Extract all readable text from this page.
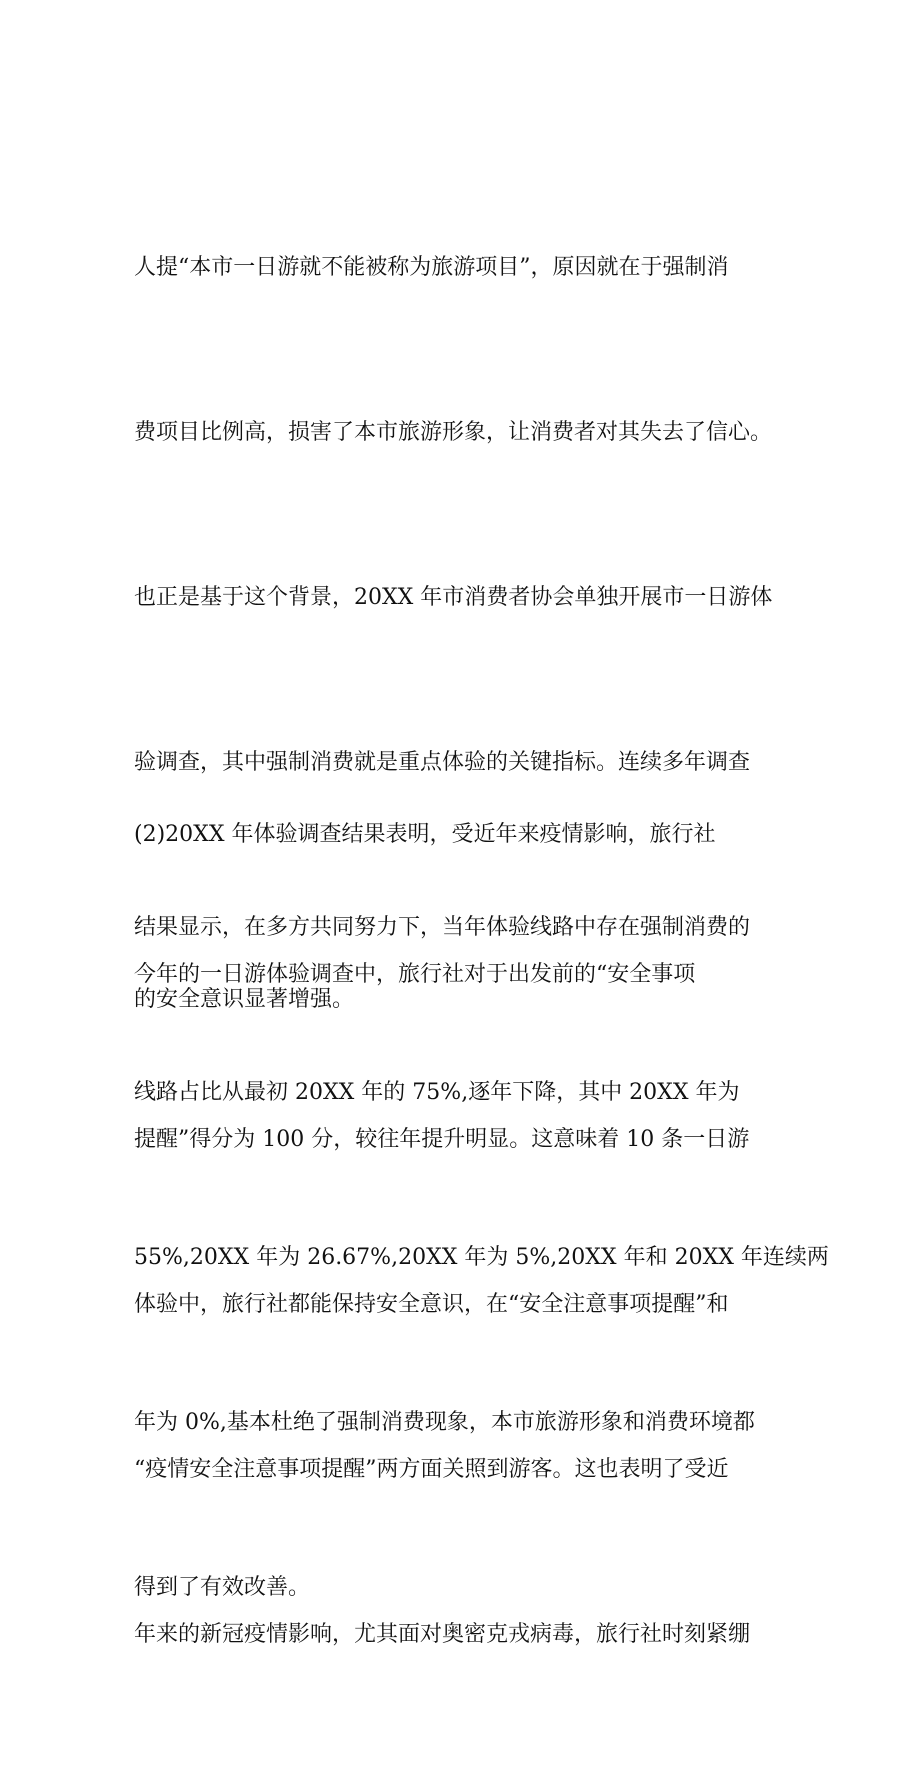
人提“本市一日游就不能被称为旅游项目”，原因就在于强制消

费项目比例高，损害了本市旅游形象，让消费者对其失去了信心。

也正是基于这个背景，20XX 年市消费者协会单独开展市一日游体

验调查，其中强制消费就是重点体验的关键指标。连续多年调查

结果显示，在多方共同努力下，当年体验线路中存在强制消费的

线路占比从最初 20XX 年的 75%,逐年下降，其中 20XX 年为

55%,20XX 年为 26.67%,20XX 年为 5%,20XX 年和 20XX 年连续两

年为 0%,基本杜绝了强制消费现象，本市旅游形象和消费环境都

得到了有效改善。

(2)20XX 年体验调查结果表明，受近年来疫情影响，旅行社

的安全意识显著增强。

今年的一日游体验调查中，旅行社对于出发前的“安全事项

提醒”得分为 100 分，较往年提升明显。这意味着 10 条一日游

体验中，旅行社都能保持安全意识，在“安全注意事项提醒”和

“疫情安全注意事项提醒”两方面关照到游客。这也表明了受近

年来的新冠疫情影响，尤其面对奥密克戎病毒，旅行社时刻紧绷
